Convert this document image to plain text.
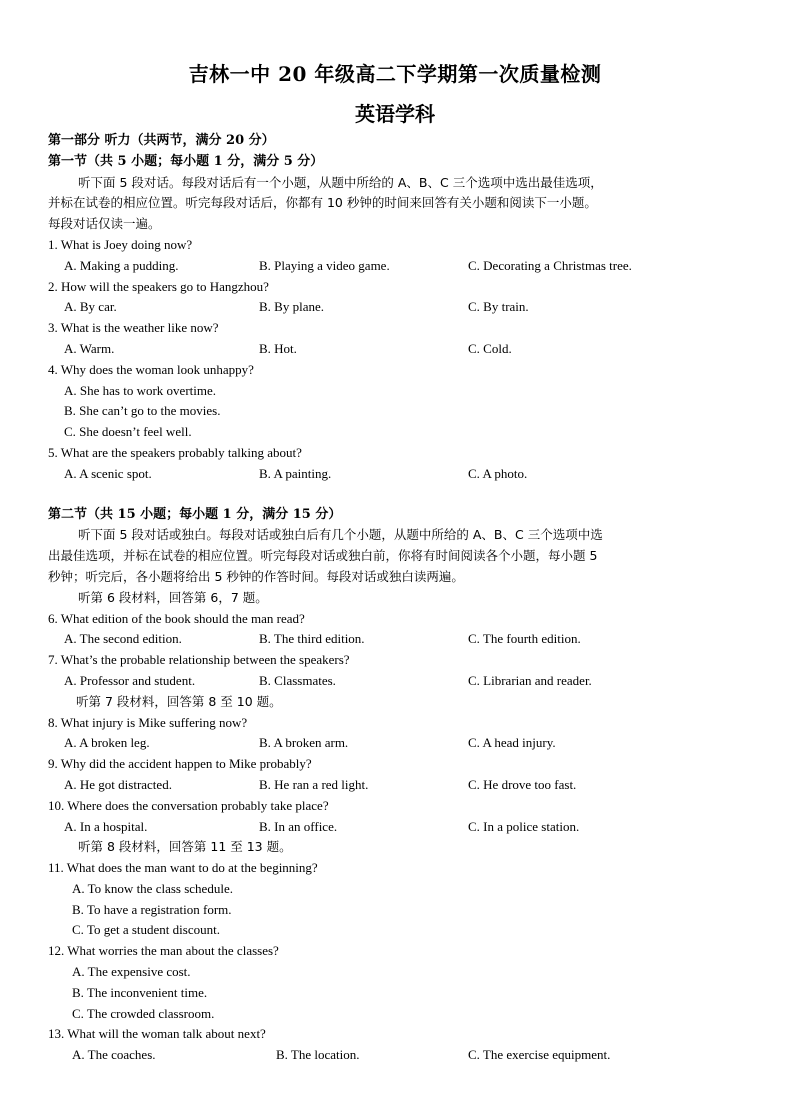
吉林一中 20 年级高二下学期第一次质量检测
英语学科
第一部分 听力（共两节，满分 20 分）
第一节（共 5 小题；每小题 1 分，满分 5 分）
听下面 5 段对话。每段对话后有一个小题，从题中所给的 A、B、C 三个选项中选出最佳选项，
并标在试卷的相应位置。听完每段对话后，你都有 10 秒钟的时间来回答有关小题和阅读下一小题。
每段对话仅读一遍。
1. What is Joey doing now?
A. Making a pudding.	B. Playing a video game.	C. Decorating a Christmas tree.
2. How will the speakers go to Hangzhou?
A. By car.	B. By plane.	C. By train.
3. What is the weather like now?
A. Warm.	B. Hot.	C. Cold.
4. Why does the woman look unhappy?
A. She has to work overtime.
B. She can’t go to the movies.
C. She doesn’t feel well.
5. What are the speakers probably talking about?
A. A scenic spot.	B. A painting.	C. A photo.
第二节（共 15 小题；每小题 1 分，满分 15 分）
听下面 5 段对话或独白。每段对话或独白后有几个小题，从题中所给的 A、B、C 三个选项中选
出最佳选项，并标在试卷的相应位置。听完每段对话或独白前，你将有时间阅读各个小题，每小题 5
秒钟；听完后，各小题将给出 5 秒钟的作答时间。每段对话或独白读两遍。
听第 6 段材料，回答第 6，7 题。
6. What edition of the book should the man read?
A. The second edition.	B. The third edition.	C. The fourth edition.
7. What’s the probable relationship between the speakers?
A. Professor and student.	B. Classmates.	C. Librarian and reader.
听第 7 段材料，回答第 8 至 10 题。
8. What injury is Mike suffering now?
A. A broken leg.	B. A broken arm.	C. A head injury.
9. Why did the accident happen to Mike probably?
A. He got distracted.	B. He ran a red light.	C. He drove too fast.
10. Where does the conversation probably take place?
A. In a hospital.	B. In an office.	C. In a police station.
听第 8 段材料，回答第 11 至 13 题。
11. What does the man want to do at the beginning?
A. To know the class schedule.
B. To have a registration form.
C. To get a student discount.
12. What worries the man about the classes?
A. The expensive cost.
B. The inconvenient time.
C. The crowded classroom.
13. What will the woman talk about next?
A. The coaches.	B. The location.	C. The exercise equipment.
